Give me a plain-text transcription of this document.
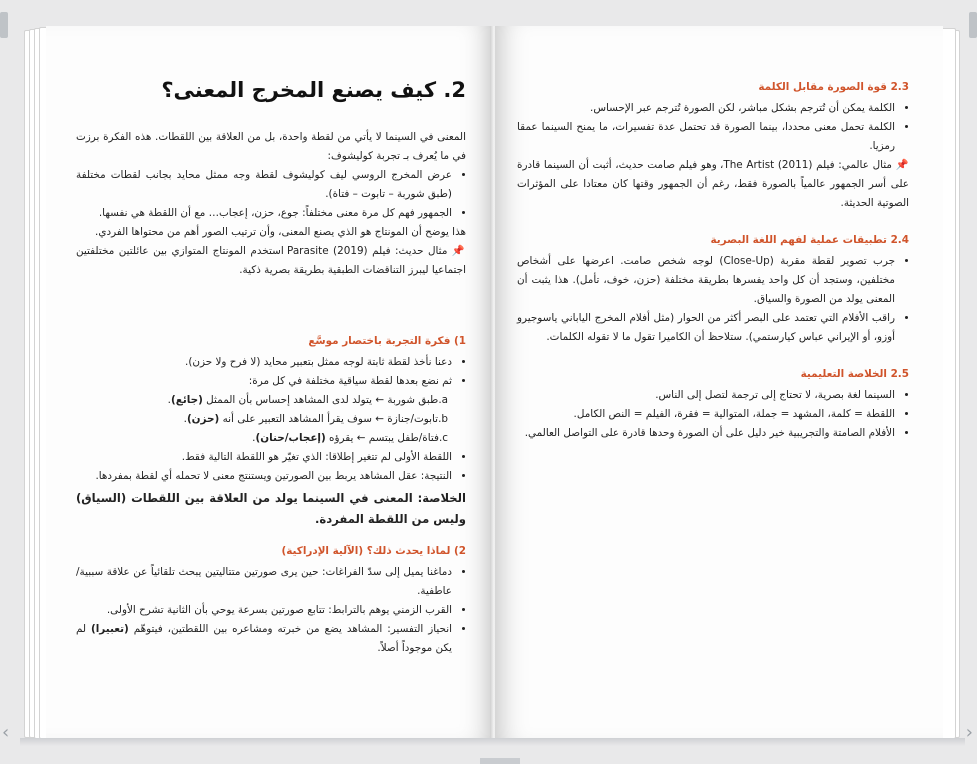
‹	›
2. كيف يصنع المخرج المعنى؟

المعنى في السينما لا يأتي من لقطة واحدة، بل من العلاقة بين اللقطات. هذه الفكرة برزت في ما يُعرف بـ تجربة كوليشوف:

• عرض المخرج الروسي ليف كوليشوف لقطة وجه ممثل محايد بجانب لقطات مختلفة (طبق شوربة – تابوت – فتاة).
• الجمهور فهم كل مرة معنى مختلفاً: جوع، حزن، إعجاب… مع أن اللقطة هي نفسها.

هذا يوضح أن المونتاج هو الذي يصنع المعنى، وأن ترتيب الصور أهم من محتواها الفردي.

📌 مثال حديث: فيلم Parasite (2019) استخدم المونتاج المتوازي بين عائلتين مختلفتين اجتماعيا ليبرز التناقضات الطبقية بطريقة بصرية ذكية.

1) فكرة التجربة باختصار موسَّع

• دعنا نأخذ لقطة ثابتة لوجه ممثل بتعبير محايد (لا فرح ولا حزن).
• ثم نضع بعدها لقطة سياقية مختلفة في كل مرة:

a.طبق شوربة ← يتولد لدى المشاهد إحساس بأن الممثل (جائع).

b.تابوت/جنازة ← سوف يقرأ المشاهد التعبير على أنه (حزن).

c.فتاة/طفل يبتسم ← يقرؤه (إعجاب/حنان).

• اللقطة الأولى لم تتغير إطلاقا: الذي تغيّر هو اللقطة التالية فقط.
• النتيجة: عقل المشاهد يربط بين الصورتين ويستنتج معنى لا تحمله أي لقطة بمفردها.

الخلاصة: المعنى في السينما يولد من العلاقة بين اللقطات (السياق) وليس من اللقطة المفردة.

2) لماذا يحدث ذلك؟ (الآلية الإدراكية)

• دماغنا يميل إلى سدّ الفراغات: حين يرى صورتين متتاليتين يبحث تلقائياً عن علاقة سببية/عاطفية.
• القرب الزمني يوهم بالترابط: تتابع صورتين بسرعة يوحي بأن الثانية تشرح الأولى.
• انحياز التفسير: المشاهد يضع من خبرته ومشاعره بين اللقطتين، فيتوهّم (تعبيرا) لم يكن موجوداً أصلاً.

2.3 قوة الصورة مقابل الكلمة

• الكلمة يمكن أن تُترجم بشكل مباشر، لكن الصورة تُترجم عبر الإحساس.
• الكلمة تحمل معنى محددا، بينما الصورة قد تحتمل عدة تفسيرات، ما يمنح السينما عمقا رمزيا.

📌 مثال عالمي: فيلم The Artist (2011)، وهو فيلم صامت حديث، أثبت أن السينما قادرة على أسر الجمهور عالمياً بالصورة فقط، رغم أن الجمهور وقتها كان معتادا على المؤثرات الصوتية الحديثة.

2.4 تطبيقات عملية لفهم اللغة البصرية

• جرب تصوير لقطة مقربة (Close-Up) لوجه شخص صامت. اعرضها على أشخاص مختلفين، وستجد أن كل واحد يفسرها بطريقة مختلفة (حزن، خوف، تأمل). هذا يثبت أن المعنى يولد من الصورة والسياق.
• راقب الأفلام التي تعتمد على البصر أكثر من الحوار (مثل أفلام المخرج الياباني ياسوجيرو أوزو، أو الإيراني عباس كيارستمي). ستلاحظ أن الكاميرا تقول ما لا تقوله الكلمات.

2.5 الخلاصة التعليمية

• السينما لغة بصرية، لا تحتاج إلى ترجمة لتصل إلى الناس.
• اللقطة = كلمة، المشهد = جملة، المتوالية = فقرة، الفيلم = النص الكامل.
• الأفلام الصامتة والتجريبية خير دليل على أن الصورة وحدها قادرة على التواصل العالمي.
